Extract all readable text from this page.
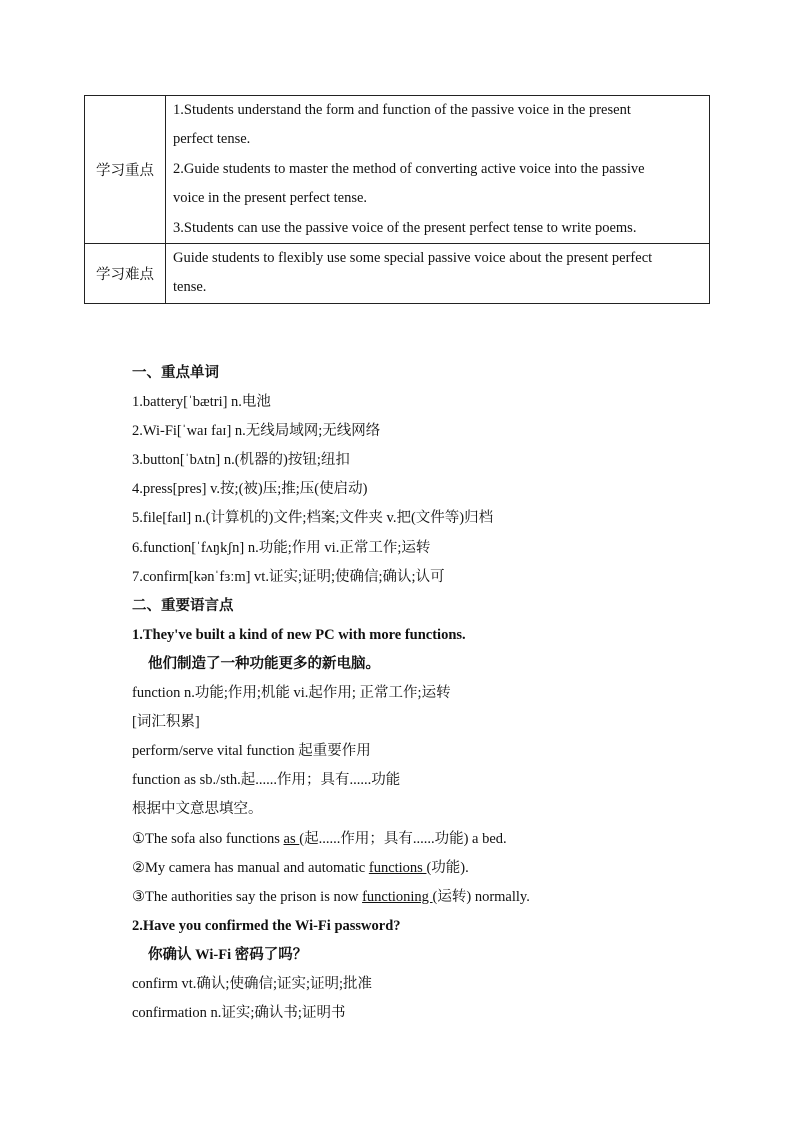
学习重点	1.Students understand the form and function of the passive voice in the present
perfect tense.
2.Guide students to master the method of converting active voice into the passive
voice in the present perfect tense.
3.Students can use the passive voice of the present perfect tense to write poems.

学习难点	Guide students to flexibly use some special passive voice about the present perfect
tense.
一、重点单词
1.battery[ˈbætri] n.电池
2.Wi-Fi[ˈwaɪ faɪ] n.无线局域网;无线网络
3.button[ˈbʌtn] n.(机器的)按钮;纽扣
4.press[pres] v.按;(被)压;推;压(使启动)
5.file[faɪl] n.(计算机的)文件;档案;文件夹 v.把(文件等)归档
6.function[ˈfʌŋkʃn] n.功能;作用 vi.正常工作;运转
7.confirm[kənˈfɜːm] vt.证实;证明;使确信;确认;认可
二、重要语言点
1.They've built a kind of new PC with more functions.
他们制造了一种功能更多的新电脑。
function n.功能;作用;机能 vi.起作用; 正常工作;运转
[词汇积累]
perform/serve vital function 起重要作用
function as sb./sth.起......作用；具有......功能
根据中文意思填空。
①The sofa also functions as (起......作用；具有......功能) a bed.
②My camera has manual and automatic functions (功能).
③The authorities say the prison is now functioning (运转) normally.
2.Have you confirmed the Wi-Fi password?
你确认 Wi-Fi 密码了吗？
confirm vt.确认;使确信;证实;证明;批准
confirmation n.证实;确认书;证明书
